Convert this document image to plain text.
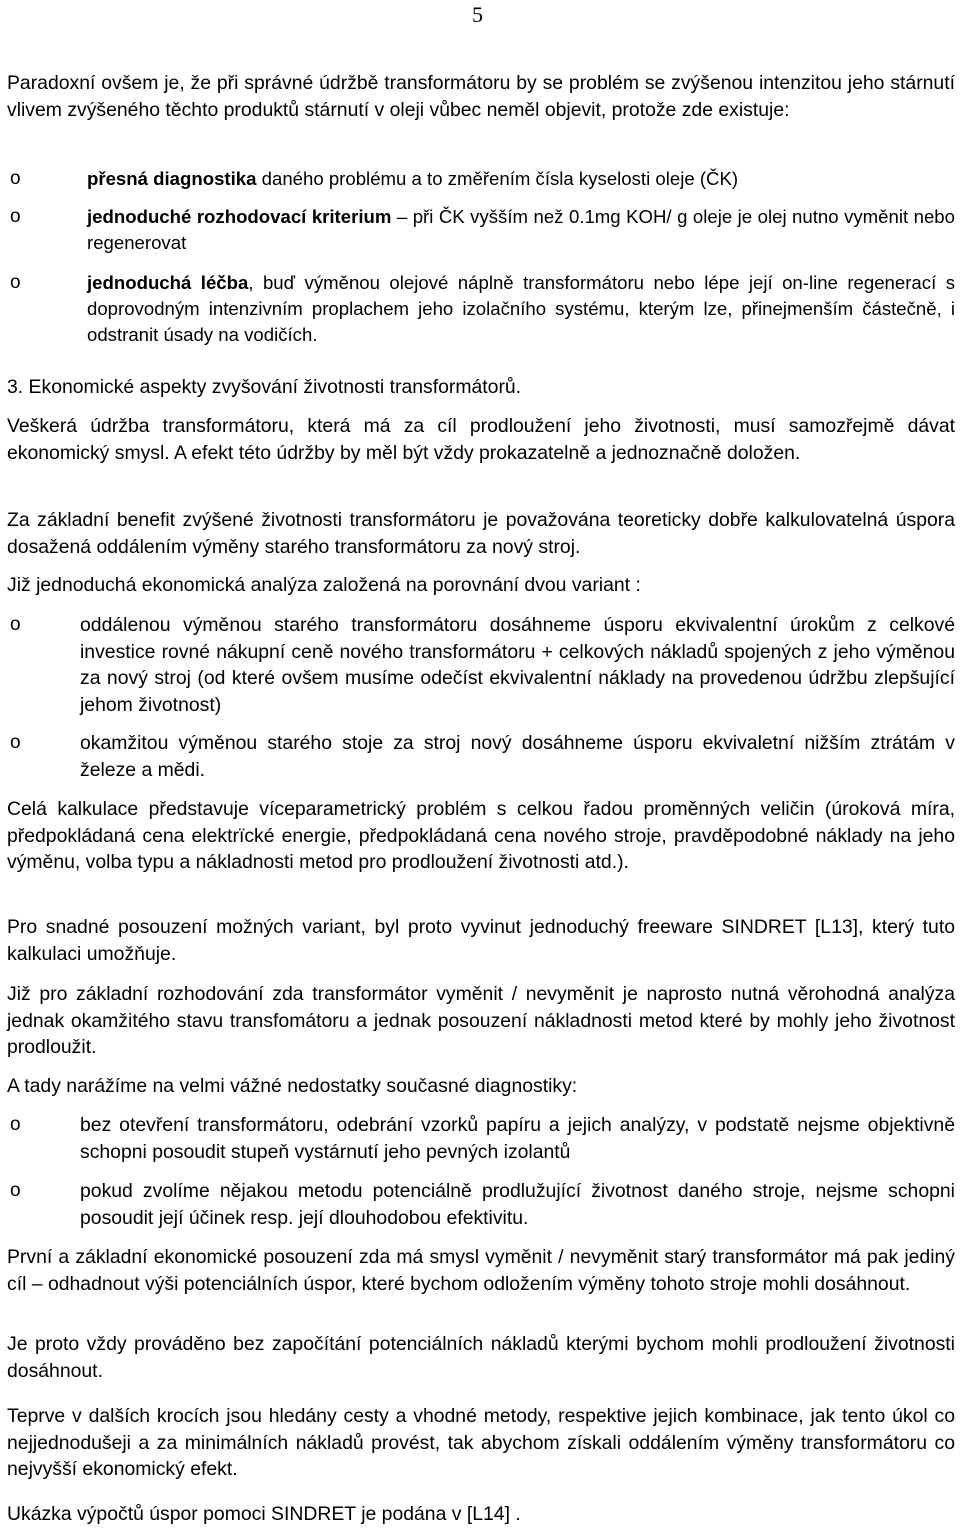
5

Paradoxní ovšem je, že při správné údržbě transformátoru by se problém se zvýšenou intenzitou jeho stárnutí vlivem zvýšeného těchto produktů stárnutí v oleji vůbec neměl objevit, protože zde existuje:

o	přesná diagnostika daného problému a to změřením čísla kyselosti oleje (ČK)

o	jednoduché rozhodovací kriterium – při ČK vyšším než 0.1mg KOH/ g oleje je olej nutno vyměnit nebo regenerovat

o	jednoduchá léčba, buď výměnou olejové náplně transformátoru nebo lépe její on-line regenerací s doprovodným intenzivním proplachem jeho izolačního systému, kterým lze, přinejmenším částečně, i odstranit úsady na vodičích.

3. Ekonomické aspekty zvyšování životnosti transformátorů.

Veškerá údržba transformátoru, která má za cíl prodloužení jeho životnosti, musí samozřejmě dávat ekonomický smysl. A efekt této údržby by měl být vždy prokazatelně a jednoznačně doložen.

Za základní benefit zvýšené životnosti transformátoru je považována teoreticky dobře kalkulovatelná úspora dosažená oddálením výměny starého transformátoru za nový stroj.

Již jednoduchá ekonomická analýza založená na porovnání dvou variant :

o	oddálenou výměnou starého transformátoru dosáhneme úsporu ekvivalentní úrokům z celkové investice rovné nákupní ceně nového transformátoru + celkových nákladů spojených z jeho výměnou za nový stroj (od které ovšem musíme odečíst ekvivalentní náklady na provedenou údržbu zlepšující jehom životnost)

o	okamžitou výměnou starého stoje za stroj nový dosáhneme úsporu ekvivaletní nižším ztrátám v železe a mědi.

Celá kalkulace představuje víceparametrický problém s celkou řadou proměnných veličin (úroková míra, předpokládaná cena elektrïcké energie, předpokládaná cena nového stroje, pravděpodobné náklady na jeho výměnu, volba typu a nákladnosti metod pro prodloužení životnosti atd.).

Pro snadné posouzení možných variant, byl proto vyvinut jednoduchý freeware SINDRET [L13], který tuto kalkulaci umožňuje.

Již pro základní rozhodování zda transformátor vyměnit / nevyměnit je naprosto nutná věrohodná analýza jednak okamžitého stavu transfomátoru a jednak posouzení nákladnosti metod které by mohly jeho životnost prodloužit.

A tady narážíme na velmi vážné nedostatky současné diagnostiky:

o	bez otevření transformátoru, odebrání vzorků papíru a jejich analýzy, v podstatě nejsme objektivně schopni posoudit stupeň vystárnutí jeho pevných izolantů

o	pokud zvolíme nějakou metodu potenciálně prodlužující životnost daného stroje, nejsme schopni posoudit její účinek resp. její dlouhodobou efektivitu.

První a základní ekonomické posouzení zda má smysl vyměnit / nevyměnit starý transformátor má pak jediný cíl – odhadnout výši potenciálních úspor, které bychom odložením výměny tohoto stroje mohli dosáhnout.

Je proto vždy prováděno bez započítání potenciálních nákladů kterými bychom mohli prodloužení životnosti dosáhnout.

Teprve v dalších krocích jsou hledány cesty a vhodné metody, respektive jejich kombinace, jak tento úkol co nejjednodušeji a za minimálních nákladů provést, tak abychom získali oddálením výměny transformátoru co nejvyšší ekonomický efekt.

Ukázka výpočtů úspor pomoci SINDRET je podána v [L14] .
